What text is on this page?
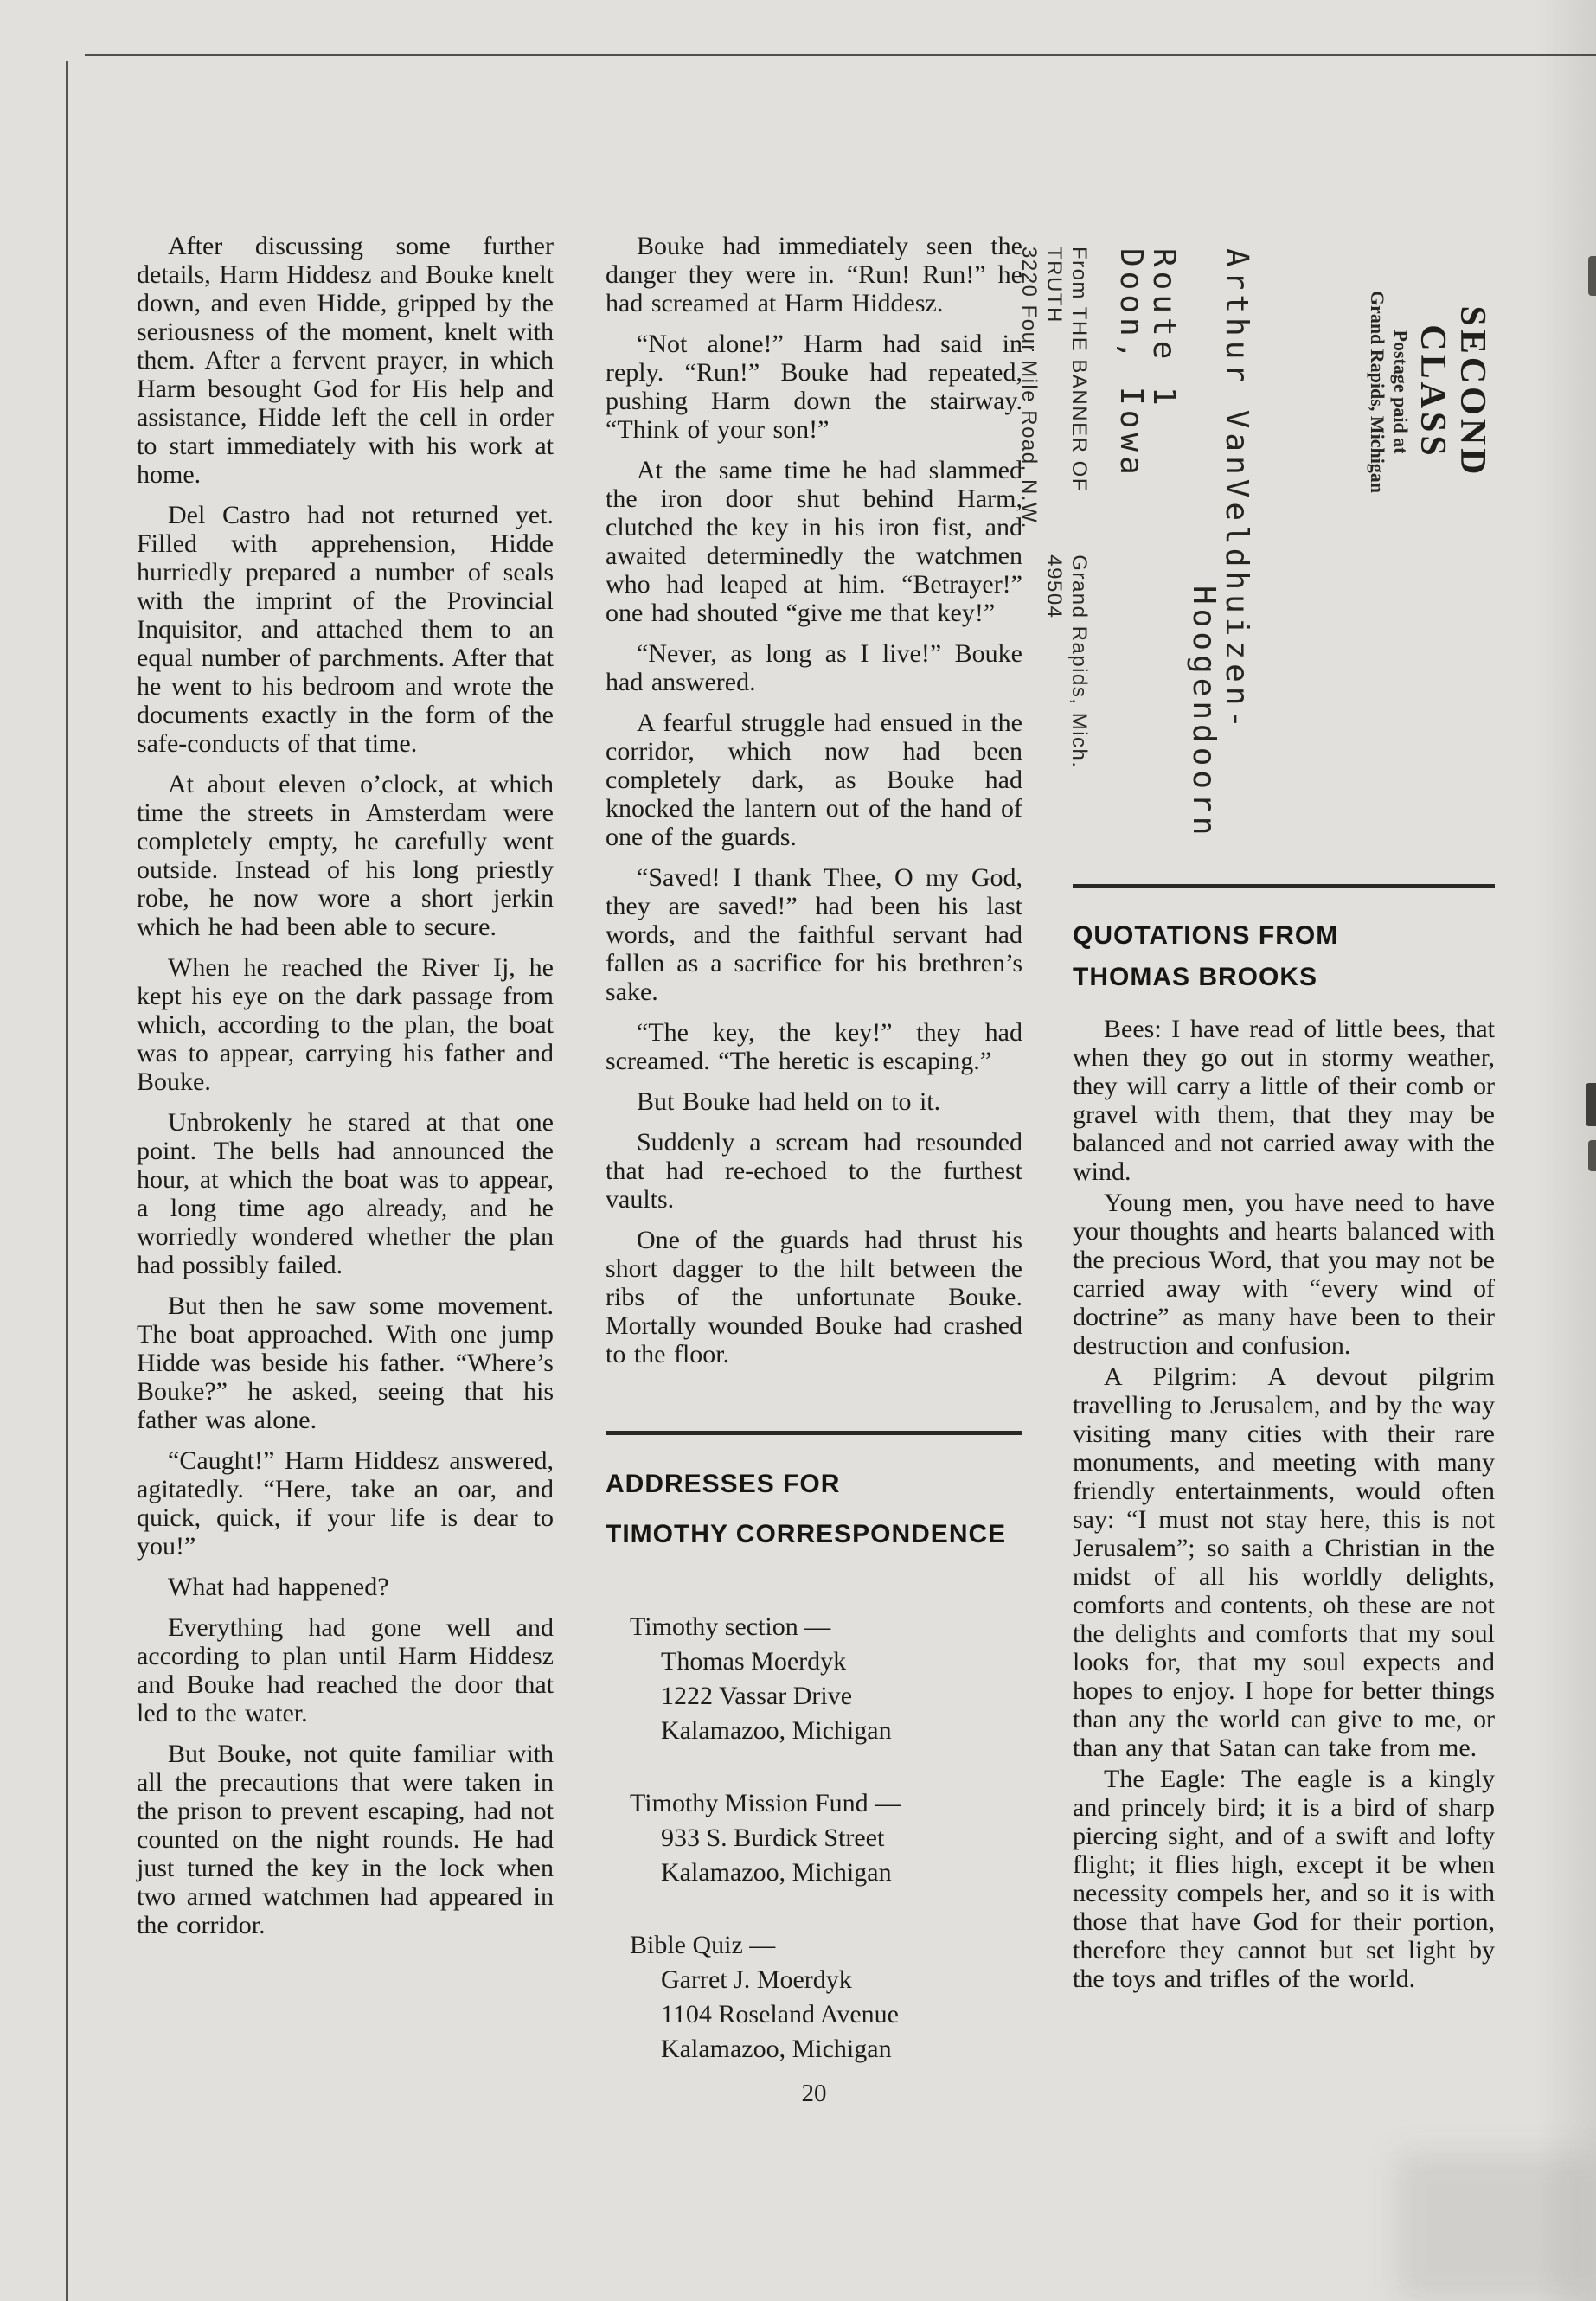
After discussing some further details, Harm Hiddesz and Bouke knelt down, and even Hidde, gripped by the seriousness of the moment, knelt with them. After a fervent prayer, in which Harm besought God for His help and assistance, Hidde left the cell in order to start immediately with his work at home.

Del Castro had not returned yet. Filled with apprehension, Hidde hurriedly prepared a number of seals with the imprint of the Provincial Inquisitor, and attached them to an equal number of parchments. After that he went to his bedroom and wrote the documents exactly in the form of the safe-conducts of that time.

At about eleven o’clock, at which time the streets in Amsterdam were completely empty, he carefully went outside. Instead of his long priestly robe, he now wore a short jerkin which he had been able to secure.

When he reached the River Ij, he kept his eye on the dark passage from which, according to the plan, the boat was to appear, carrying his father and Bouke.

Unbrokenly he stared at that one point. The bells had announced the hour, at which the boat was to appear, a long time ago already, and he worriedly wondered whether the plan had possibly failed.

But then he saw some movement. The boat approached. With one jump Hidde was beside his father. “Where’s Bouke?” he asked, seeing that his father was alone.

“Caught!” Harm Hiddesz answered, agitatedly. “Here, take an oar, and quick, quick, if your life is dear to you!”

What had happened?

Everything had gone well and according to plan until Harm Hiddesz and Bouke had reached the door that led to the water.

But Bouke, not quite familiar with all the precautions that were taken in the prison to prevent escaping, had not counted on the night rounds. He had just turned the key in the lock when two armed watchmen had appeared in the corridor.

Bouke had immediately seen the danger they were in. “Run! Run!” he had screamed at Harm Hiddesz.

“Not alone!” Harm had said in reply. “Run!” Bouke had repeated, pushing Harm down the stairway. “Think of your son!”

At the same time he had slammed the iron door shut behind Harm, clutched the key in his iron fist, and awaited determinedly the watchmen who had leaped at him. “Betrayer!” one had shouted “give me that key!”

“Never, as long as I live!” Bouke had answered.

A fearful struggle had ensued in the corridor, which now had been completely dark, as Bouke had knocked the lantern out of the hand of one of the guards.

“Saved! I thank Thee, O my God, they are saved!” had been his last words, and the faithful servant had fallen as a sacrifice for his brethren’s sake.

“The key, the key!” they had screamed. “The heretic is escaping.”

But Bouke had held on to it.

Suddenly a scream had resounded that had re-echoed to the furthest vaults.

One of the guards had thrust his short dagger to the hilt between the ribs of the unfortunate Bouke. Mortally wounded Bouke had crashed to the floor.

ADDRESSES FOR
TIMOTHY CORRESPONDENCE

Timothy section —

Thomas Moerdyk

1222 Vassar Drive

Kalamazoo, Michigan

Timothy Mission Fund —

933 S. Burdick Street

Kalamazoo, Michigan

Bible Quiz —

Garret J. Moerdyk

1104 Roseland Avenue

Kalamazoo, Michigan

20
QUOTATIONS FROM
THOMAS BROOKS

Bees: I have read of little bees, that when they go out in stormy weather, they will carry a little of their comb or gravel with them, that they may be balanced and not carried away with the wind.

Young men, you have need to have your thoughts and hearts balanced with the precious Word, that you may not be carried away with “every wind of doctrine” as many have been to their destruction and confusion.

A Pilgrim: A devout pilgrim travelling to Jerusalem, and by the way visiting many cities with their rare monuments, and meeting with many friendly entertainments, would often say: “I must not stay here, this is not Jerusalem”; so saith a Christian in the midst of all his worldly delights, comforts and contents, oh these are not the delights and comforts that my soul looks for, that my soul expects and hopes to enjoy. I hope for better things than any the world can give to me, or than any that Satan can take from me.

The Eagle: The eagle is a kingly and princely bird; it is a bird of sharp piercing sight, and of a swift and lofty flight; it flies high, except it be when necessity compels her, and so it is with those that have God for their portion, therefore they cannot but set light by the toys and trifles of the world.

From THE BANNER OF TRUTH
Grand Rapids, Mich. 49504
3220 Four Mile Road, N.W.	Arthur VanVeldhuizen-
Hoogendoorn
Route 1
Doon, Iowa	SECOND CLASS
Postage paid at
Grand Rapids, Michigan
